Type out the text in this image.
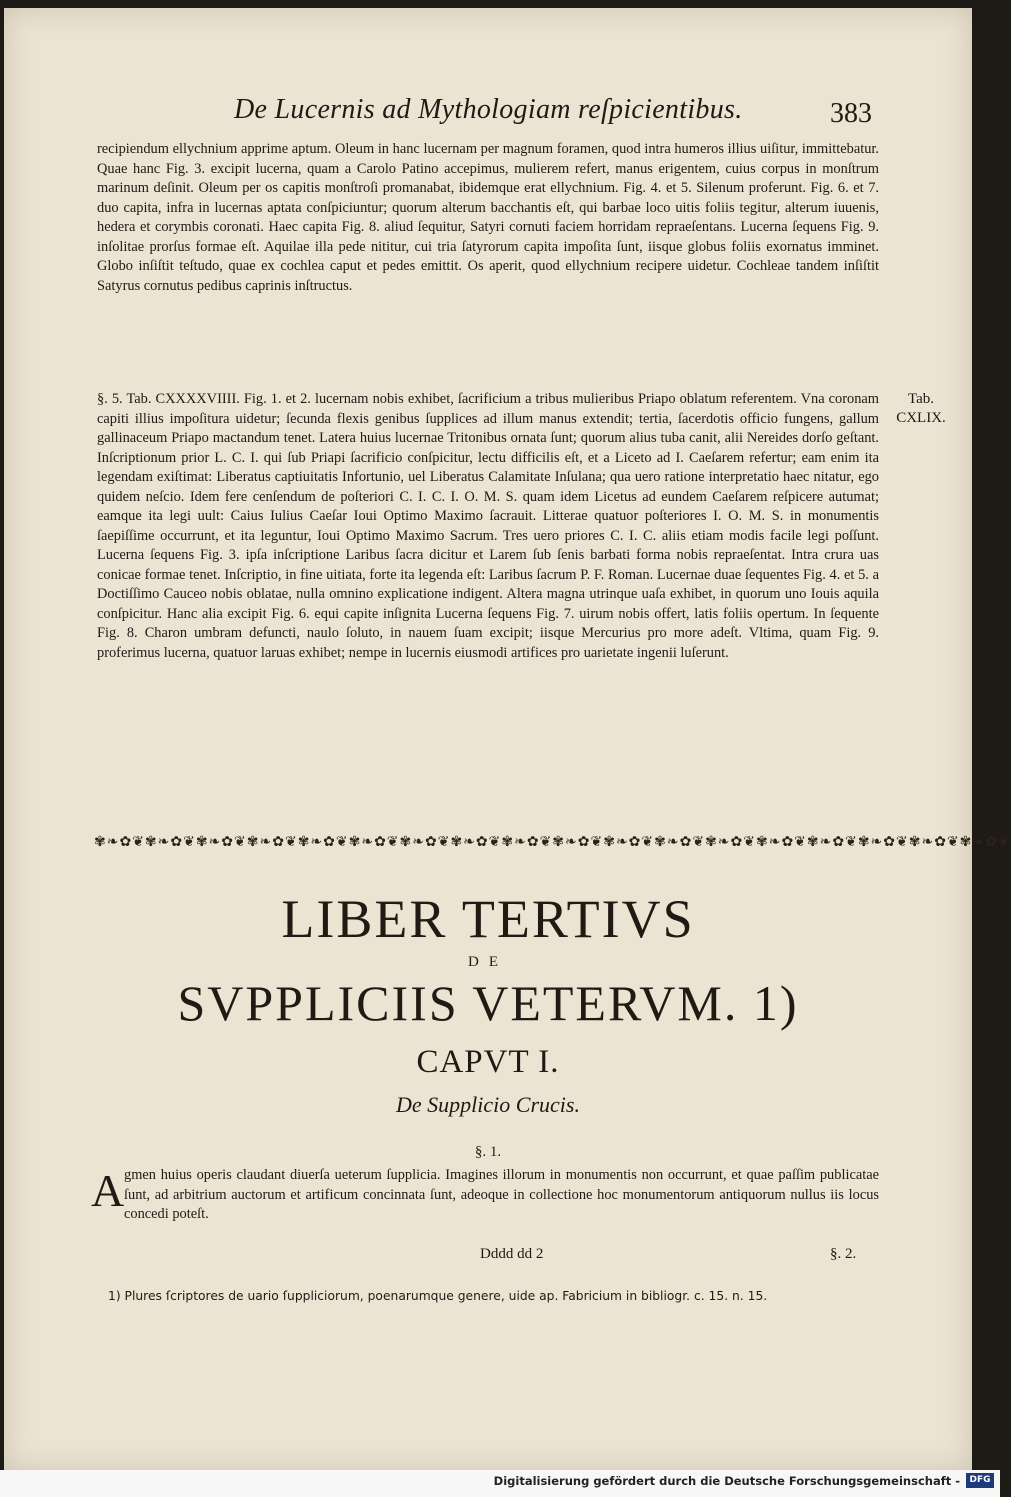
De Lucernis ad Mythologiam reſpicientibus.	383
recipiendum ellychnium apprime aptum. Oleum in hanc lucernam per magnum foramen, quod intra humeros illius uiſitur, immittebatur. Quae hanc Fig. 3. excipit lucerna, quam a Carolo Patino accepimus, mulierem refert, manus erigentem, cuius corpus in monſtrum marinum deſinit. Oleum per os capitis monſtroſi promanabat, ibidemque erat ellychnium. Fig. 4. et 5. Silenum proferunt. Fig. 6. et 7. duo capita, infra in lucernas aptata conſpiciuntur; quorum alterum bacchantis eſt, qui barbae loco uitis foliis tegitur, alterum iuuenis, hedera et corymbis coronati. Haec capita Fig. 8. aliud ſequitur, Satyri cornuti faciem horridam repraeſentans. Lucerna ſequens Fig. 9. inſolitae prorſus formae eſt. Aquilae illa pede nititur, cui tria ſatyrorum capita impoſita ſunt, iisque globus foliis exornatus imminet. Globo inſiſtit teſtudo, quae ex cochlea caput et pedes emittit. Os aperit, quod ellychnium recipere uidetur. Cochleae tandem inſiſtit Satyrus cornutus pedibus caprinis inſtructus.
§. 5. Tab. CXXXXVIIII. Fig. 1. et 2. lucernam nobis exhibet, ſacrificium a tribus mulieribus Priapo oblatum referentem. Vna coronam capiti illius impoſitura uidetur; ſecunda flexis genibus ſupplices ad illum manus extendit; tertia, ſacerdotis officio fungens, gallum gallinaceum Priapo mactandum tenet. Latera huius lucernae Tritonibus ornata ſunt; quorum alius tuba canit, alii Nereides dorſo geſtant. Inſcriptionum prior L. C. I. qui ſub Priapi ſacrificio conſpicitur, lectu difficilis eſt, et a Liceto ad I. Caeſarem refertur; eam enim ita legendam exiſtimat: Liberatus captiuitatis Infortunio, uel Liberatus Calamitate Inſulana; qua uero ratione interpretatio haec nitatur, ego quidem neſcio. Idem fere cenſendum de poſteriori C. I. C. I. O. M. S. quam idem Licetus ad eundem Caeſarem reſpicere autumat; eamque ita legi uult: Caius Iulius Caeſar Ioui Optimo Maximo ſacrauit. Litterae quatuor poſteriores I. O. M. S. in monumentis ſaepiſſime occurrunt, et ita leguntur, Ioui Optimo Maximo Sacrum. Tres uero priores C. I. C. aliis etiam modis facile legi poſſunt. Lucerna ſequens Fig. 3. ipſa inſcriptione Laribus ſacra dicitur et Larem ſub ſenis barbati forma nobis repraeſentat. Intra crura uas conicae formae tenet. Inſcriptio, in fine uitiata, forte ita legenda eſt: Laribus ſacrum P. F. Roman. Lucernae duae ſequentes Fig. 4. et 5. a Doctiſſimo Cauceo nobis oblatae, nulla omnino explicatione indigent. Altera magna utrinque uaſa exhibet, in quorum uno Iouis aquila conſpicitur. Hanc alia excipit Fig. 6. equi capite inſignita Lucerna ſequens Fig. 7. uirum nobis offert, latis foliis opertum. In ſequente Fig. 8. Charon umbram defuncti, naulo ſoluto, in nauem ſuam excipit; iisque Mercurius pro more adeſt. Vltima, quam Fig. 9. proferimus lucerna, quatuor laruas exhibet; nempe in lucernis eiusmodi artifices pro uarietate ingenii luſerunt.
Tab.
CXLIX.
✾❧✿❦✾❧✿❦✾❧✿❦✾❧✿❦✾❧✿❦✾❧✿❦✾❧✿❦✾❧✿❦✾❧✿❦✾❧✿❦✾❧✿❦✾❧✿❦✾❧✿❦✾❧✿❦✾❧✿❦✾❧✿❦✾❧✿❦✾❧✿❦
LIBER TERTIVS
DE
SVPPLICIIS VETERVM. 1)
CAPVT I.
De Supplicio Crucis.
§. 1.
A gmen huius operis claudant diuerſa ueterum ſupplicia. Imagines illorum in monumentis non occurrunt, et quae paſſim publicatae ſunt, ad arbitrium auctorum et artificum concinnata ſunt, adeoque in collectione hoc monumentorum antiquorum nullus iis locus concedi poteſt.
Dddd dd 2	§. 2.
1) Plures ſcriptores de uario ſuppliciorum, poenarumque genere, uide ap. Fabricium in bibliogr. c. 15. n. 15.
Digitalisierung gefördert durch die Deutsche Forschungsgemeinschaft -	DFG
